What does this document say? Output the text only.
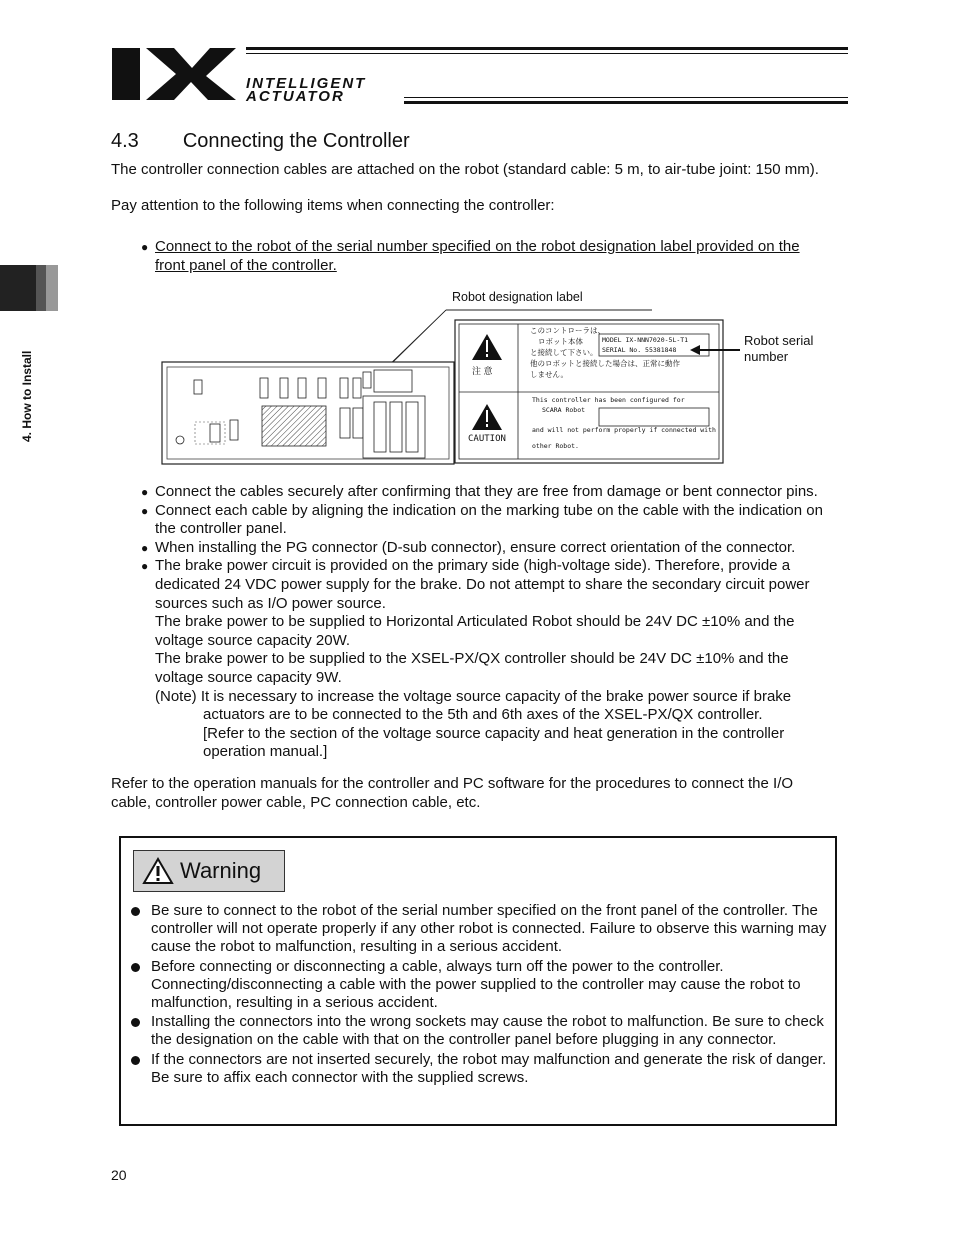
INTELLIGENT
ACTUATOR
4. How to Install
4.3 Connecting the Controller
The controller connection cables are attached on the robot (standard cable: 5 m, to air-tube joint: 150 mm).
Pay attention to the following items when connecting the controller:
● Connect to the robot of the serial number specified on the robot designation label provided on the
front panel of the controller.
Robot designation label
Robot serial
number
このコントローラは、
ロボット本体
と接続して下さい。
他のロボットと接続した場合は、正常に動作
しません。
注 意
MODEL IX-NNN7020-5L-T1
SERIAL No. 55381848
CAUTION
This controller has been configured for
SCARA Robot
and will not perform properly if connected with
other Robot.
● Connect the cables securely after confirming that they are free from damage or bent connector pins.
● Connect each cable by aligning the indication on the marking tube on the cable with the indication on
the controller panel.
● When installing the PG connector (D-sub connector), ensure correct orientation of the connector.
● The brake power circuit is provided on the primary side (high-voltage side). Therefore, provide a
dedicated 24 VDC power supply for the brake. Do not attempt to share the secondary circuit power
sources such as I/O power source.
The brake power to be supplied to Horizontal Articulated Robot should be 24V DC ±10% and the
voltage source capacity 20W.
The brake power to be supplied to the XSEL-PX/QX controller should be 24V DC ±10% and the
voltage source capacity 9W.
(Note) It is necessary to increase the voltage source capacity of the brake power source if brake
actuators are to be connected to the 5th and 6th axes of the XSEL-PX/QX controller.
[Refer to the section of the voltage source capacity and heat generation in the controller
operation manual.]
Refer to the operation manuals for the controller and PC software for the procedures to connect the I/O
cable, controller power cable, PC connection cable, etc.
Warning
Be sure to connect to the robot of the serial number specified on the front panel of the controller. The controller will not operate properly if any other robot is connected. Failure to observe this warning may cause the robot to malfunction, resulting in a serious accident.
Before connecting or disconnecting a cable, always turn off the power to the controller. Connecting/disconnecting a cable with the power supplied to the controller may cause the robot to malfunction, resulting in a serious accident.
Installing the connectors into the wrong sockets may cause the robot to malfunction. Be sure to check the designation on the cable with that on the controller panel before plugging in any connector.
If the connectors are not inserted securely, the robot may malfunction and generate the risk of danger. Be sure to affix each connector with the supplied screws.
20
